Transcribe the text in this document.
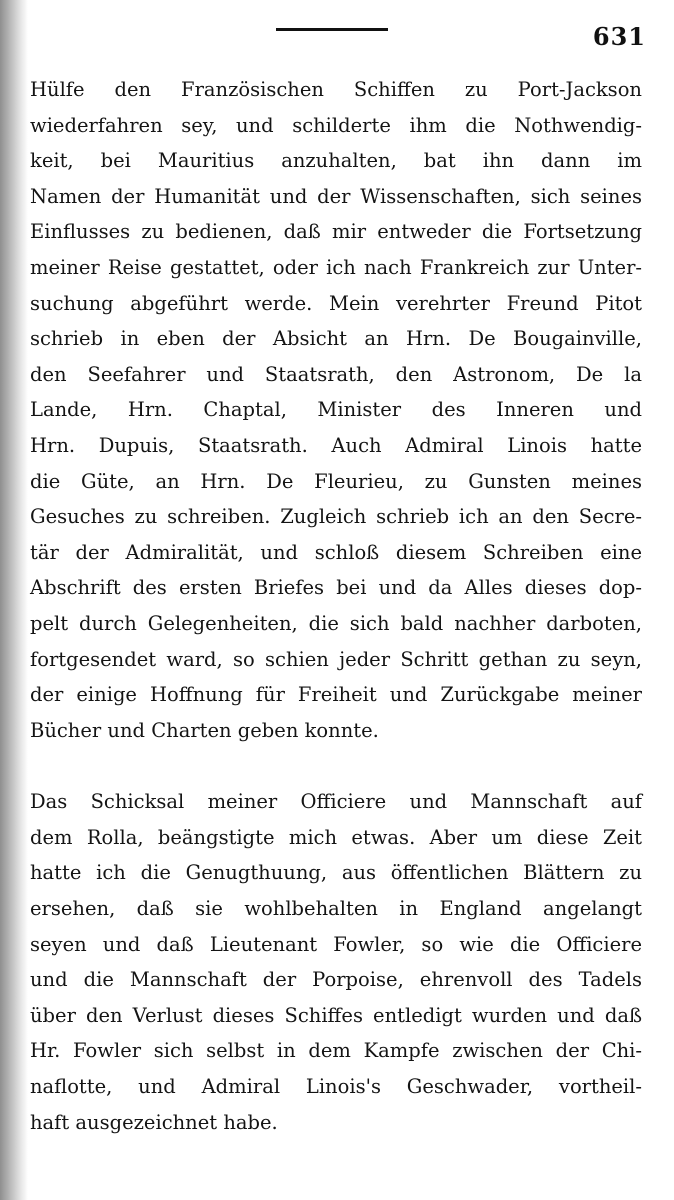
631
Hülfe den Französischen Schiffen zu Port-Jackson
wiederfahren sey, und schilderte ihm die Nothwendig-
keit, bei Mauritius anzuhalten, bat ihn dann im
Namen der Humanität und der Wissenschaften, sich seines
Einflusses zu bedienen, daß mir entweder die Fortsetzung
meiner Reise gestattet, oder ich nach Frankreich zur Unter-
suchung abgeführt werde. Mein verehrter Freund Pitot
schrieb in eben der Absicht an Hrn. De Bougainville,
den Seefahrer und Staatsrath, den Astronom, De la
Lande, Hrn. Chaptal, Minister des Inneren und
Hrn. Dupuis, Staatsrath. Auch Admiral Linois hatte
die Güte, an Hrn. De Fleurieu, zu Gunsten meines
Gesuches zu schreiben. Zugleich schrieb ich an den Secre-
tär der Admiralität, und schloß diesem Schreiben eine
Abschrift des ersten Briefes bei und da Alles dieses dop-
pelt durch Gelegenheiten, die sich bald nachher darboten,
fortgesendet ward, so schien jeder Schritt gethan zu seyn,
der einige Hoffnung für Freiheit und Zurückgabe meiner
Bücher und Charten geben konnte.
Das Schicksal meiner Officiere und Mannschaft auf
dem Rolla, beängstigte mich etwas. Aber um diese Zeit
hatte ich die Genugthuung, aus öffentlichen Blättern zu
ersehen, daß sie wohlbehalten in England angelangt
seyen und daß Lieutenant Fowler, so wie die Officiere
und die Mannschaft der Porpoise, ehrenvoll des Tadels
über den Verlust dieses Schiffes entledigt wurden und daß
Hr. Fowler sich selbst in dem Kampfe zwischen der Chi-
naflotte, und Admiral Linois's Geschwader, vortheil-
haft ausgezeichnet habe.
